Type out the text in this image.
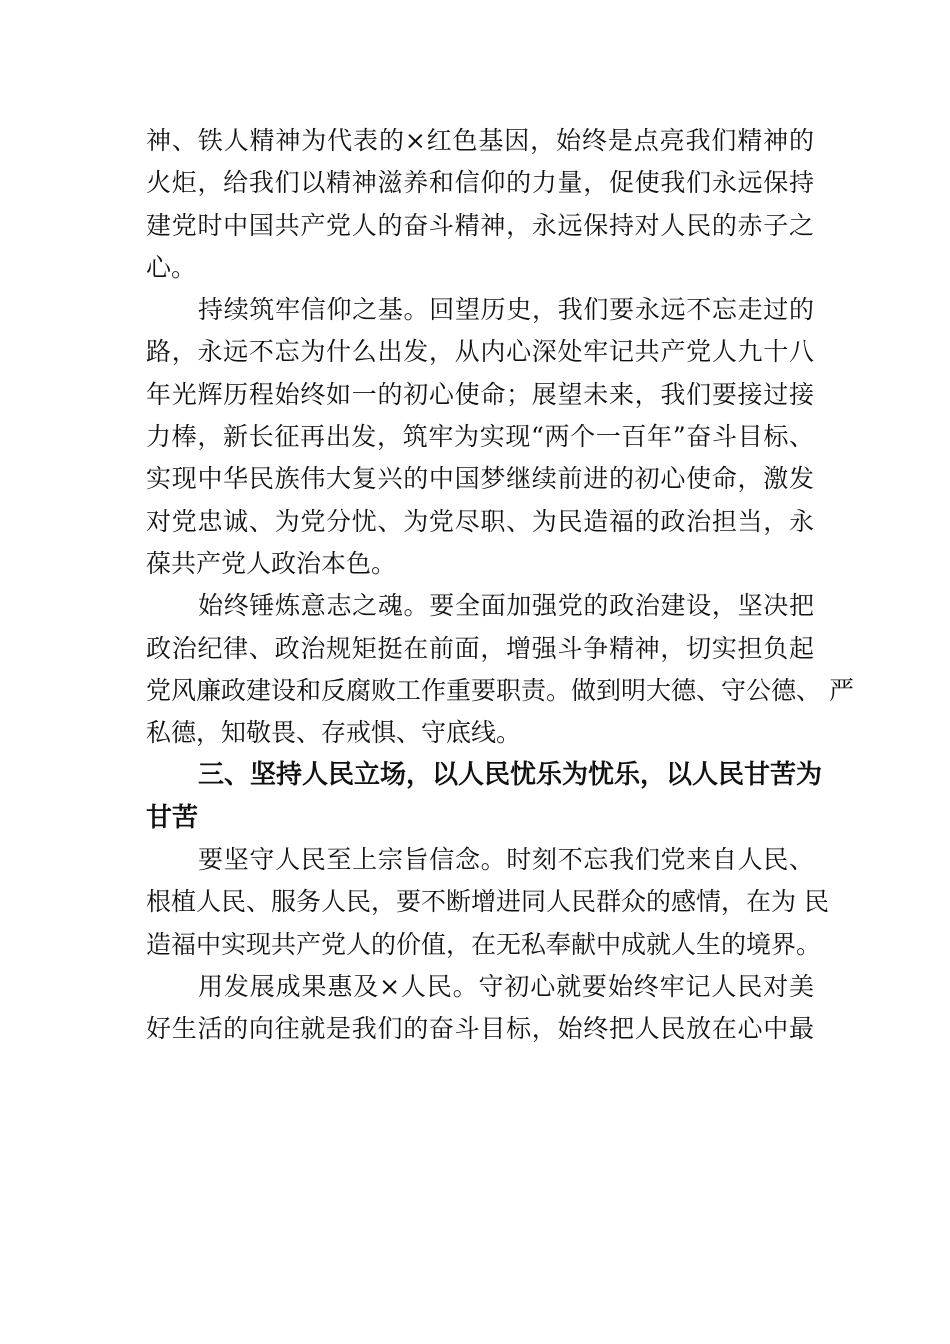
神、铁人精神为代表的×红色基因，始终是点亮我们精神的
火炬，给我们以精神滋养和信仰的力量，促使我们永远保持
建党时中国共产党人的奋斗精神，永远保持对人民的赤子之
心。
持续筑牢信仰之基。回望历史，我们要永远不忘走过的
路，永远不忘为什么出发，从内心深处牢记共产党人九十八
年光辉历程始终如一的初心使命；展望未来，我们要接过接
力棒，新长征再出发，筑牢为实现“两个一百年”奋斗目标、
实现中华民族伟大复兴的中国梦继续前进的初心使命，激发
对党忠诚、为党分忧、为党尽职、为民造福的政治担当，永
葆共产党人政治本色。
始终锤炼意志之魂。要全面加强党的政治建设，坚决把
政治纪律、政治规矩挺在前面，增强斗争精神，切实担负起
党风廉政建设和反腐败工作重要职责。做到明大德、守公德、 严
私德，知敬畏、存戒惧、守底线。
三、坚持人民立场，以人民忧乐为忧乐，以人民甘苦为
甘苦
要坚守人民至上宗旨信念。时刻不忘我们党来自人民、
根植人民、服务人民，要不断增进同人民群众的感情，在为 民
造福中实现共产党人的价值，在无私奉献中成就人生的境界。
用发展成果惠及×人民。守初心就要始终牢记人民对美
好生活的向往就是我们的奋斗目标，始终把人民放在心中最
